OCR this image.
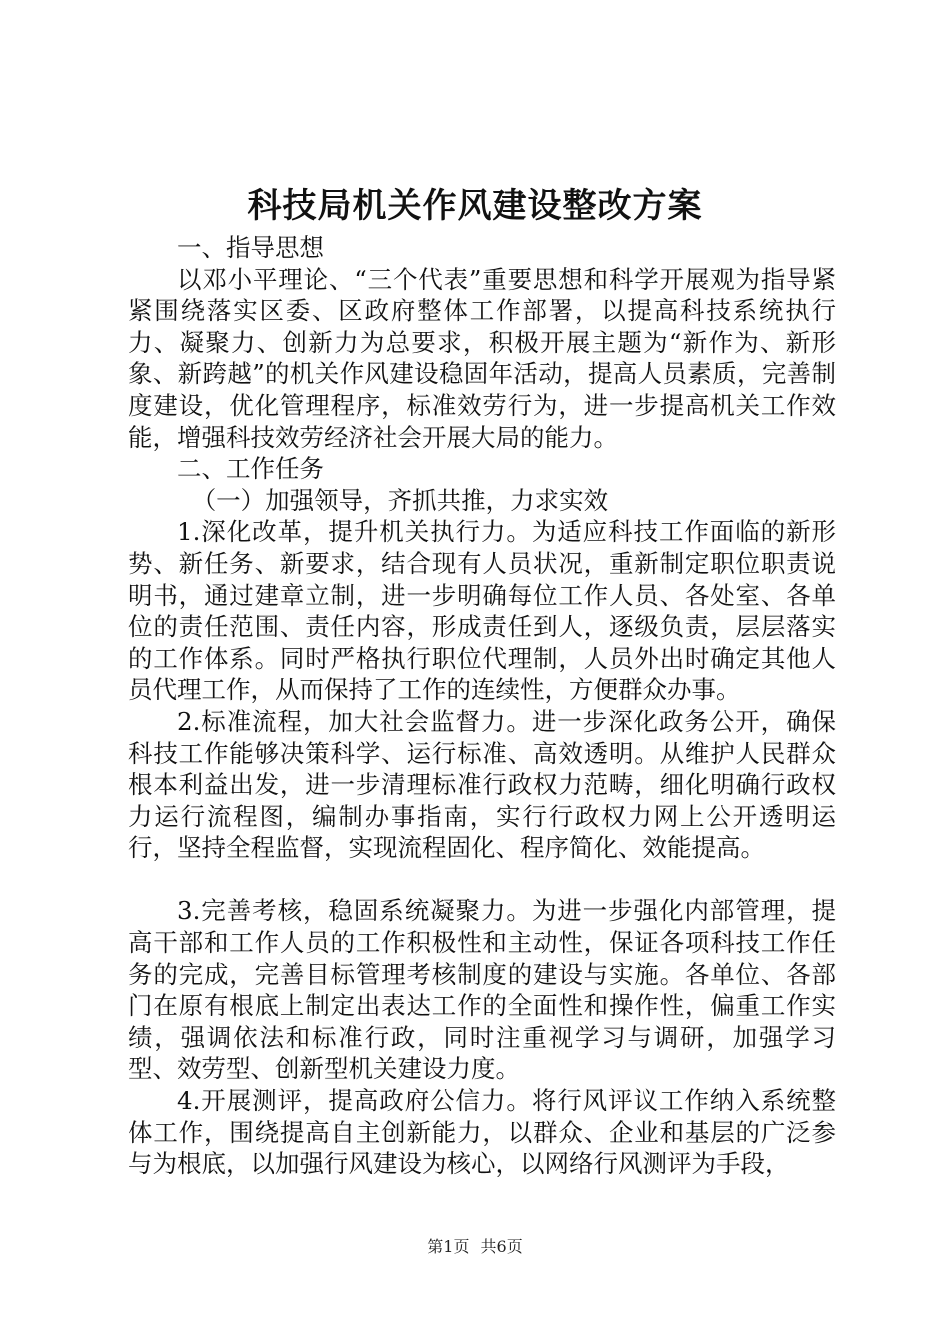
科技局机关作风建设整改方案

一、指导思想

以邓小平理论、“三个代表”重要思想和科学开展观为指导紧紧围绕落实区委、区政府整体工作部署，以提高科技系统执行力、凝聚力、创新力为总要求，积极开展主题为“新作为、新形象、新跨越”的机关作风建设稳固年活动，提高人员素质，完善制度建设，优化管理程序，标准效劳行为，进一步提高机关工作效能，增强科技效劳经济社会开展大局的能力。

二、工作任务

（一）加强领导，齐抓共推，力求实效

1.深化改革，提升机关执行力。为适应科技工作面临的新形势、新任务、新要求，结合现有人员状况，重新制定职位职责说明书，通过建章立制，进一步明确每位工作人员、各处室、各单位的责任范围、责任内容，形成责任到人，逐级负责，层层落实的工作体系。同时严格执行职位代理制，人员外出时确定其他人员代理工作，从而保持了工作的连续性，方便群众办事。

2.标准流程，加大社会监督力。进一步深化政务公开，确保科技工作能够决策科学、运行标准、高效透明。从维护人民群众根本利益出发，进一步清理标准行政权力范畴，细化明确行政权力运行流程图，编制办事指南，实行行政权力网上公开透明运行，坚持全程监督，实现流程固化、程序简化、效能提高。

3.完善考核，稳固系统凝聚力。为进一步强化内部管理，提高干部和工作人员的工作积极性和主动性，保证各项科技工作任务的完成，完善目标管理考核制度的建设与实施。各单位、各部门在原有根底上制定出表达工作的全面性和操作性，偏重工作实绩，强调依法和标准行政，同时注重视学习与调研，加强学习型、效劳型、创新型机关建设力度。

4.开展测评，提高政府公信力。将行风评议工作纳入系统整体工作，围绕提高自主创新能力，以群众、企业和基层的广泛参与为根底，以加强行风建设为核心，以网络行风测评为手段，

第1页 共6页
